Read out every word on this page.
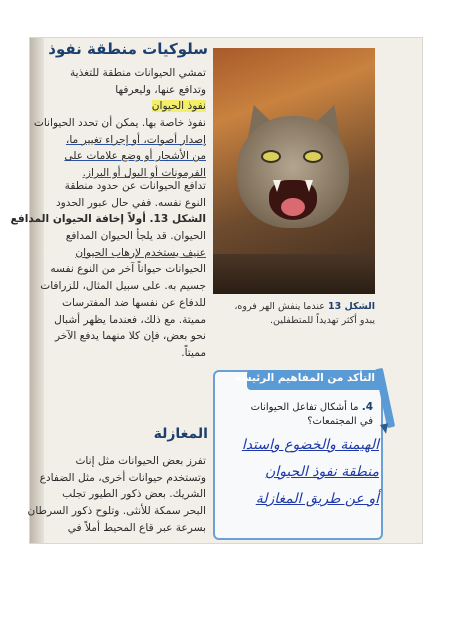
سلوكيات منطقة نفوذ
تمشي الحيوانات منطقة للتغذية
وتدافع عنها، وليعرفها
نفوذ الحيوان
نفوذ خاصة بها. يمكن أن تحدد الحيوانات
إصدار أصوات، أو إجراء تغيير ما،
من الأشجار أو وضع علامات على
الفرمونات أو البول أو البراز.
تدافع الحيوانات عن حدود منطقة
النوع نفسه. ففي حال عبور الحدود
الشكل 13. أولاً إخافة الحيوان المدافع
الحيوان. قد يلجأ الحيوان المدافع
عنيف يستخدم لإرهاب الحيوان
الحيوانات حيواناً آخر من النوع نفسه
جسيم به. على سبيل المثال، للزرافات
للدفاع عن نفسها ضد المفترسات
مميتة. مع ذلك، فعندما يظهر أشبال
نحو بعض، فإن كلا منهما يدفع الآخر
مميتاً.
المغازلة
تفرز بعض الحيوانات مثل إناث
وتستخدم حيوانات أخرى، مثل الضفادع
الشريك. بعض ذكور الطيور تجلب
البحر سمكة للأنثى. وتلوح ذكور السرطان
بسرعة عبر قاع المحيط أملاً في
الشكل 13 عندما ينفش الهر فروه،
يبدو أكثر تهديداً للمتطفلين.
التأكد من المفاهيم الرئيسة
4. ما أشكال تفاعل الحيوانات
في المجتمعات؟
الهيمنة والخضوع واستدا
منطقة نفوذ الحيوان
أو عن طريق المغازلة
